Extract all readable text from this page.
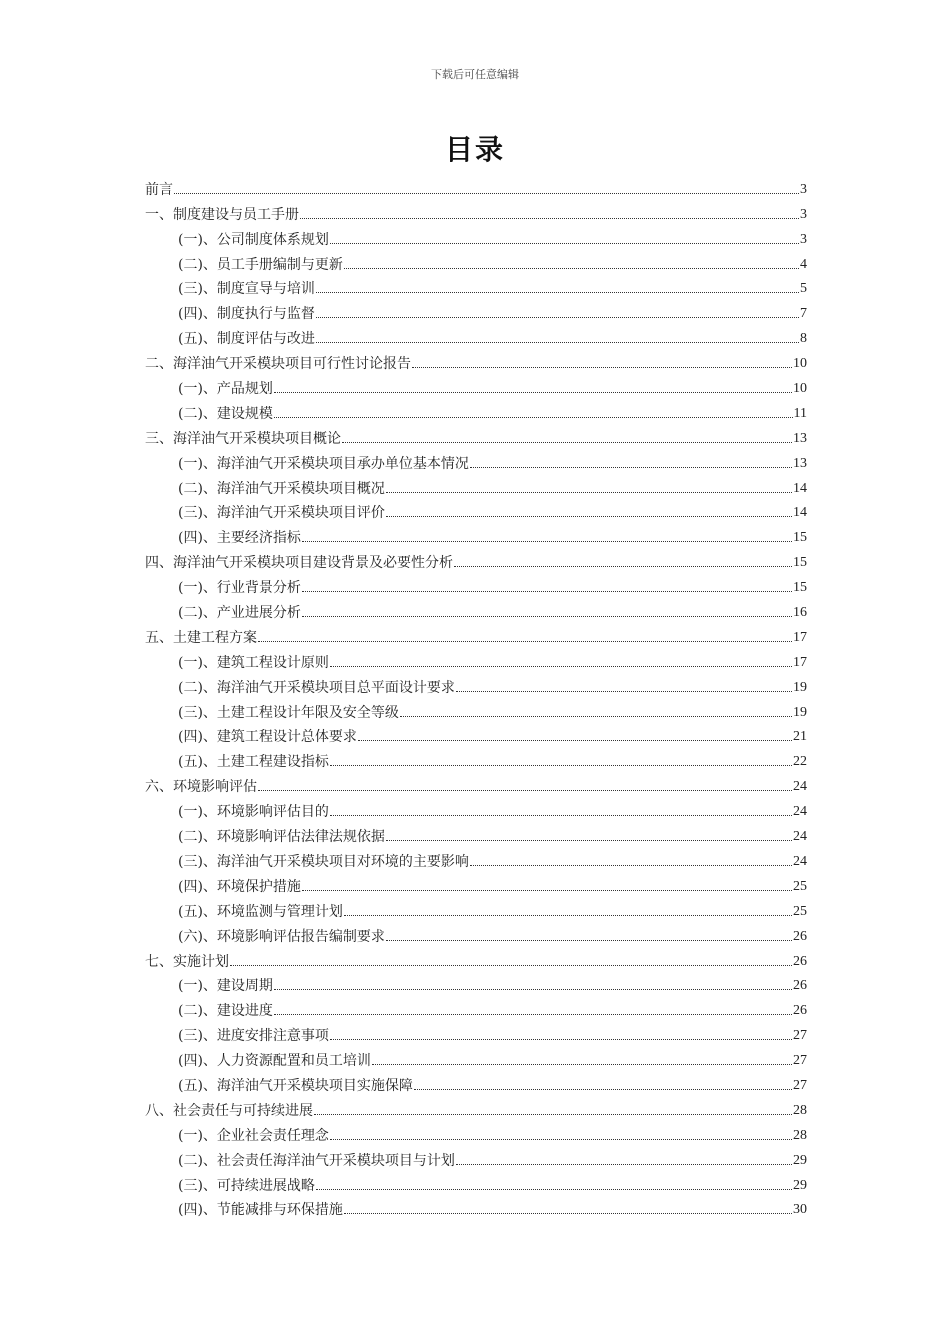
下载后可任意编辑
目录
前言	3
一、制度建设与员工手册	3
(一)、公司制度体系规划	3
(二)、员工手册编制与更新	4
(三)、制度宣导与培训	5
(四)、制度执行与监督	7
(五)、制度评估与改进	8
二、海洋油气开采模块项目可行性讨论报告	10
(一)、产品规划	10
(二)、建设规模	11
三、海洋油气开采模块项目概论	13
(一)、海洋油气开采模块项目承办单位基本情况	13
(二)、海洋油气开采模块项目概况	14
(三)、海洋油气开采模块项目评价	14
(四)、主要经济指标	15
四、海洋油气开采模块项目建设背景及必要性分析	15
(一)、行业背景分析	15
(二)、产业进展分析	16
五、土建工程方案	17
(一)、建筑工程设计原则	17
(二)、海洋油气开采模块项目总平面设计要求	19
(三)、土建工程设计年限及安全等级	19
(四)、建筑工程设计总体要求	21
(五)、土建工程建设指标	22
六、环境影响评估	24
(一)、环境影响评估目的	24
(二)、环境影响评估法律法规依据	24
(三)、海洋油气开采模块项目对环境的主要影响	24
(四)、环境保护措施	25
(五)、环境监测与管理计划	25
(六)、环境影响评估报告编制要求	26
七、实施计划	26
(一)、建设周期	26
(二)、建设进度	26
(三)、进度安排注意事项	27
(四)、人力资源配置和员工培训	27
(五)、海洋油气开采模块项目实施保障	27
八、社会责任与可持续进展	28
(一)、企业社会责任理念	28
(二)、社会责任海洋油气开采模块项目与计划	29
(三)、可持续进展战略	29
(四)、节能减排与环保措施	30
